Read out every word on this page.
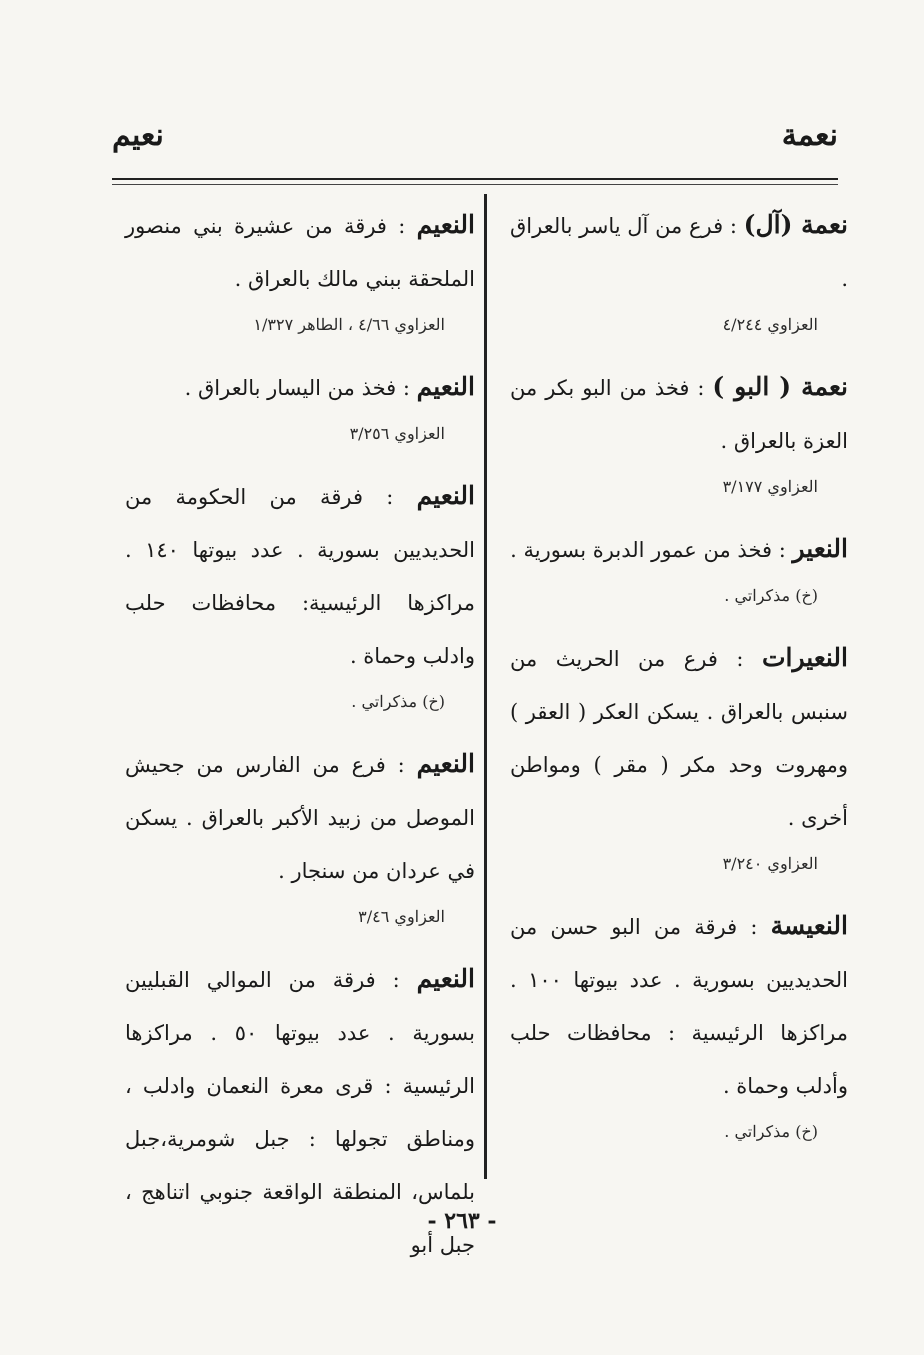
نعمة
نعيم

نعمة (آل) : فرع من آل ياسر بالعراق .

العزاوي ٤/٢٤٤

نعمة ( البو ) : فخذ من البو بكر من العزة بالعراق .

العزاوي ٣/١٧٧

النعير : فخذ من عمور الدبرة بسورية .

(خ) مذكراتي .

النعيرات : فرع من الحريث من سنبس بالعراق . يسكن العكر ( العقر ) ومهروت وحد مكر ( مقر ) ومواطن أخرى .

العزاوي ٣/٢٤٠

النعيسة : فرقة من البو حسن من الحديديين بسورية . عدد بيوتها ١٠٠ . مراكزها الرئيسية : محافظات حلب وأدلب وحماة .

(خ) مذكراتي .

النعيم : فرقة من عشيرة بني منصور الملحقة ببني مالك بالعراق .

العزاوي ٤/٦٦ ، الطاهر ١/٣٢٧

النعيم : فخذ من اليسار بالعراق .

العزاوي ٣/٢٥٦

النعيم : فرقة من الحكومة من الحديديين بسورية . عدد بيوتها ١٤٠ . مراكزها الرئيسية: محافظات حلب وادلب وحماة .

(خ) مذكراتي .

النعيم : فرع من الفارس من جحيش الموصل من زبيد الأكبر بالعراق . يسكن في عردان من سنجار .

العزاوي ٣/٤٦

النعيم : فرقة من الموالي القبليين بسورية . عدد بيوتها ٥٠ . مراكزها الرئيسية : قرى معرة النعمان وادلب ، ومناطق تجولها : جبل شومرية،جبل بلماس، المنطقة الواقعة جنوبي اتناهج ، جبل أبو

- ٢٦٣ -
